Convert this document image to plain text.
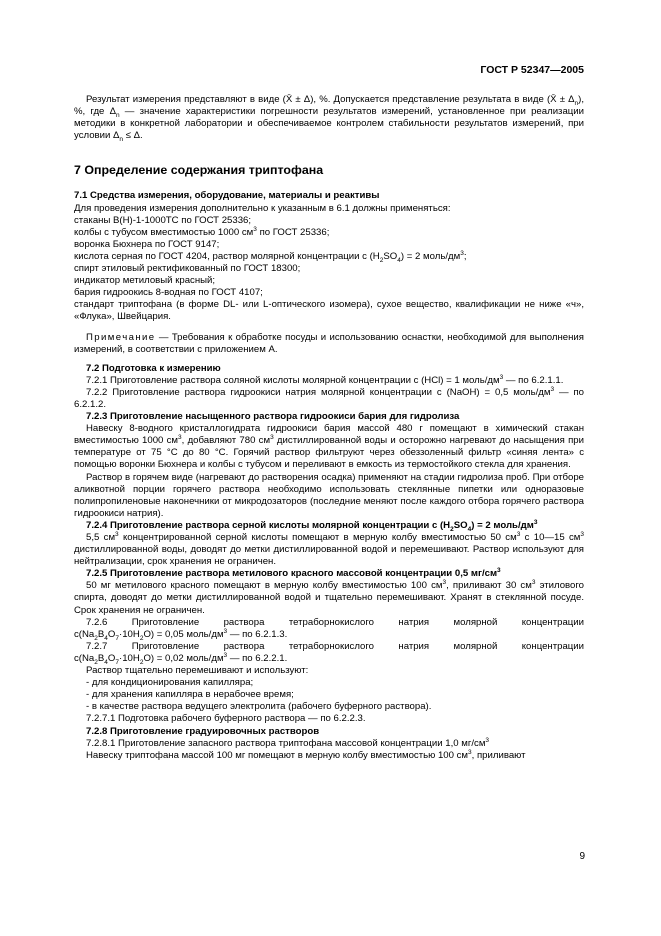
ГОСТ Р 52347—2005

Результат измерения представляют в виде (X̄ ± Δ), %. Допускается представление результата в виде (X̄ ± $\Delta_n$), %, где $\Delta_n$ — значение характеристики погрешности результатов измерений, установленное при реализации методики в конкретной лаборатории и обеспечиваемое контролем стабильности результатов измерений, при условии $\Delta_n \le \Delta$.

7 Определение содержания триптофана

7.1 Средства измерения, оборудование, материалы и реактивы

Для проведения измерения дополнительно к указанным в 6.1 должны применяться:

стаканы В(Н)-1-1000ТС по ГОСТ 25336;

колбы с тубусом вместимостью 1000 $см^3$ по ГОСТ 25336;

воронка Бюхнера по ГОСТ 9147;

кислота серная по ГОСТ 4204, раствор молярной концентрации c $(H_2SO_4) = 2$ моль/$дм^3$;

спирт этиловый ректификованный по ГОСТ 18300;

индикатор метиловый красный;

бария гидроокись 8-водная по ГОСТ 4107;

стандарт триптофана (в форме DL- или L-оптического изомера), сухое вещество, квалификации не ниже «ч», «Флука», Швейцария.

Примечание — Требования к обработке посуды и использованию оснастки, необходимой для выполнения измерений, в соответствии с приложением А.

7.2 Подготовка к измерению

7.2.1 Приготовление раствора соляной кислоты молярной концентрации c (HCl) = 1 моль/$дм^3$ — по 6.2.1.1.

7.2.2 Приготовление раствора гидроокиси натрия молярной концентрации c (NaOH) = 0,5 моль/$дм^3$ — по 6.2.1.2.

7.2.3 Приготовление насыщенного раствора гидроокиси бария для гидролиза

Навеску 8-водного кристаллогидрата гидроокиси бария массой 480 г помещают в химический стакан вместимостью 1000 $см^3$, добавляют 780 $см^3$ дистиллированной воды и осторожно нагревают до насыщения при температуре от 75 °С до 80 °С. Горячий раствор фильтруют через обеззоленный фильтр «синяя лента» с помощью воронки Бюхнера и колбы с тубусом и переливают в емкость из термостойкого стекла для хранения.

Раствор в горячем виде (нагревают до растворения осадка) применяют на стадии гидролиза проб. При отборе аликвотной порции горячего раствора необходимо использовать стеклянные пипетки или одноразовые полипропиленовые наконечники от микродозаторов (последние меняют после каждого отбора горячего раствора гидроокиси натрия).

7.2.4 Приготовление раствора серной кислоты молярной концентрации c $(H_2SO_4) = 2$ моль/$дм^3$

5,5 $см^3$ концентрированной серной кислоты помещают в мерную колбу вместимостью 50 $см^3$ с 10—15 $см^3$ дистиллированной воды, доводят до метки дистиллированной водой и перемешивают. Раствор используют для нейтрализации, срок хранения не ограничен.

7.2.5 Приготовление раствора метилового красного массовой концентрации 0,5 $мг/см^3$

50 мг метилового красного помещают в мерную колбу вместимостью 100 $см^3$, приливают 30 $см^3$ этилового спирта, доводят до метки дистиллированной водой и тщательно перемешивают. Хранят в стеклянной посуде. Срок хранения не ограничен.

7.2.6 Приготовление раствора тетраборнокислого натрия молярной концентрации

$c(Na_2B_4O_7\cdot 10H_2O) = 0,05$ моль/$дм^3$ — по 6.2.1.3.

7.2.7 Приготовление раствора тетраборнокислого натрия молярной концентрации

$c(Na_2B_4O_7\cdot 10H_2O) = 0,02$ моль/$дм^3$ — по 6.2.2.1.

Раствор тщательно перемешивают и используют:

- для кондиционирования капилляра;

- для хранения капилляра в нерабочее время;

- в качестве раствора ведущего электролита (рабочего буферного раствора).

7.2.7.1 Подготовка рабочего буферного раствора — по 6.2.2.3.

7.2.8 Приготовление градуировочных растворов

7.2.8.1 Приготовление запасного раствора триптофана массовой концентрации 1,0 $мг/см^3$

Навеску триптофана массой 100 мг помещают в мерную колбу вместимостью 100 $см^3$, приливают

9
